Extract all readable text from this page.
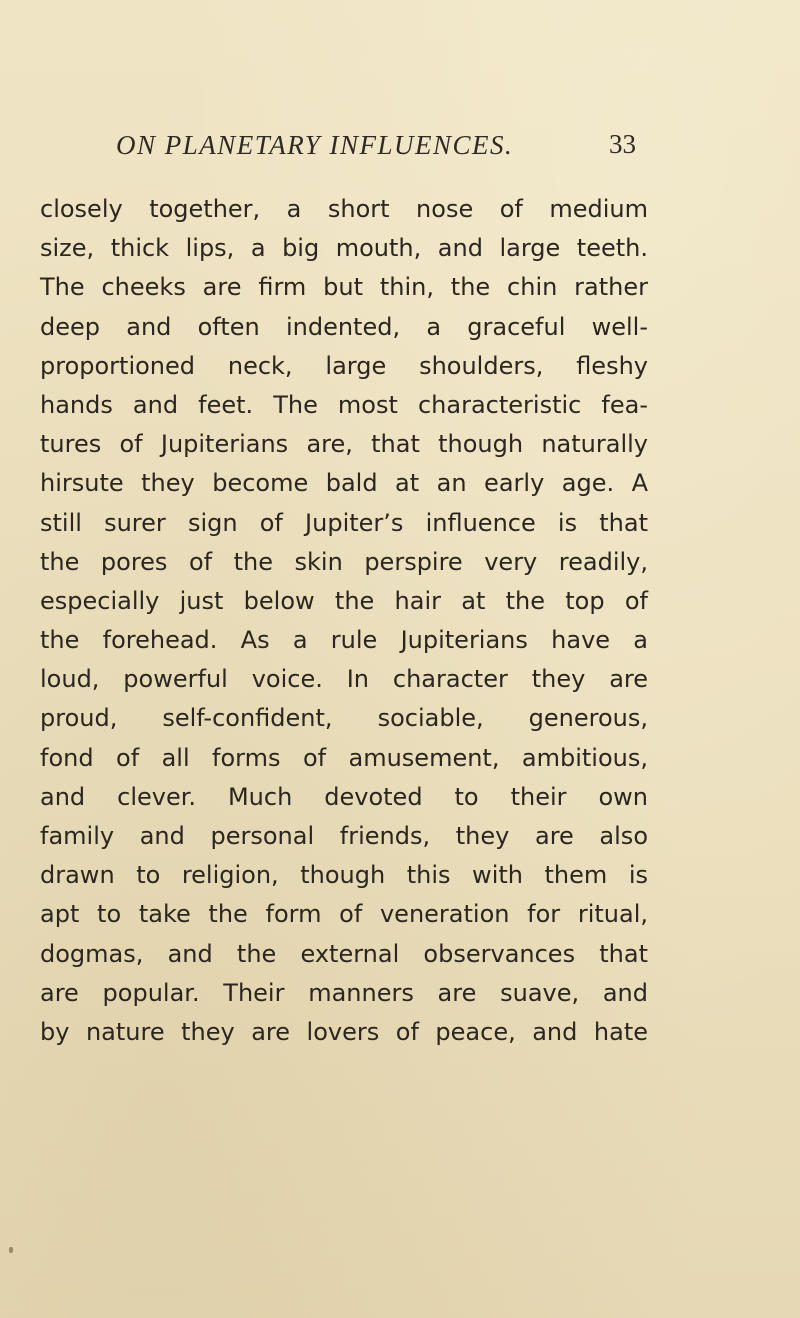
ON PLANETARY INFLUENCES.	33
closely together, a short nose of medium
size, thick lips, a big mouth, and large teeth.
The cheeks are firm but thin, the chin rather
deep and often indented, a graceful well-
proportioned neck, large shoulders, fleshy
hands and feet. The most characteristic fea-
tures of Jupiterians are, that though naturally
hirsute they become bald at an early age. A
still surer sign of Jupiter’s influence is that
the pores of the skin perspire very readily,
especially just below the hair at the top of
the forehead. As a rule Jupiterians have a
loud, powerful voice. In character they are
proud, self-confident, sociable, generous,
fond of all forms of amusement, ambitious,
and clever. Much devoted to their own
family and personal friends, they are also
drawn to religion, though this with them is
apt to take the form of veneration for ritual,
dogmas, and the external observances that
are popular. Their manners are suave, and
by nature they are lovers of peace, and hate
